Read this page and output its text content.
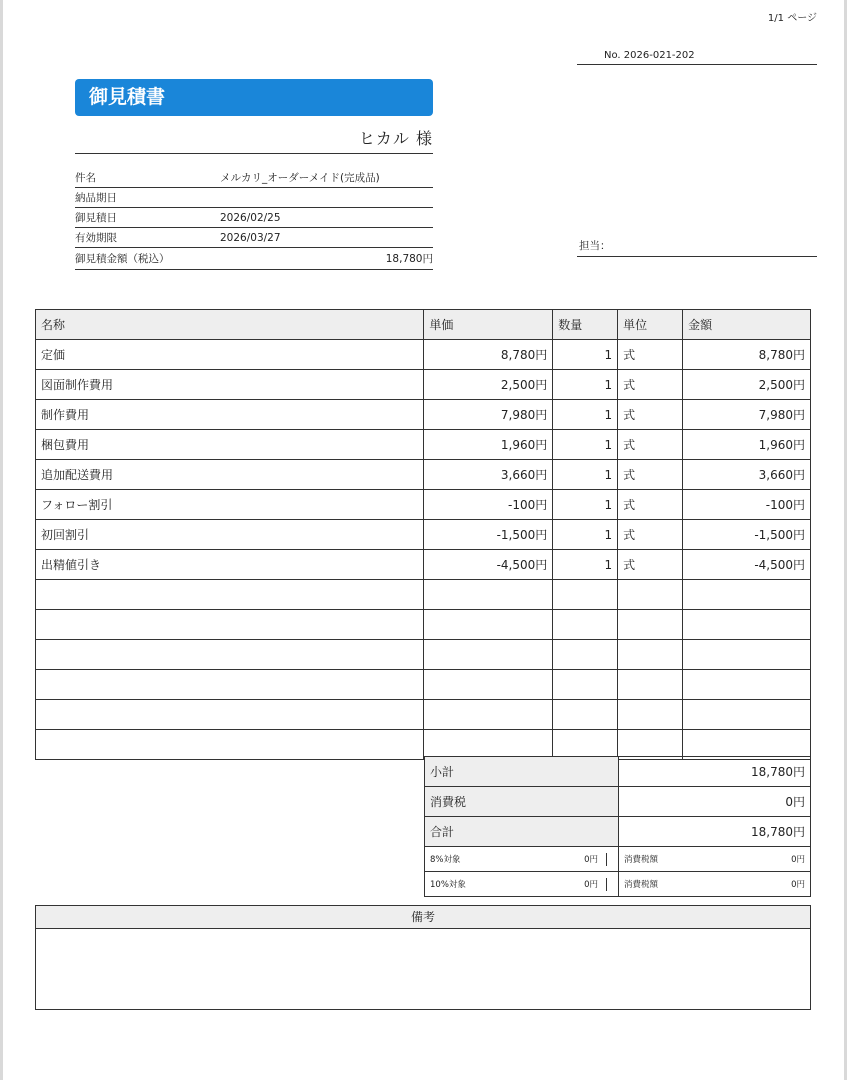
1/1 ページ
No. 2026-021-202
御見積書
ヒカル 様
件名	メルカリ_オーダーメイド(完成品)
納品期日
御見積日	2026/02/25
有効期限	2026/03/27
御見積金額（税込）	18,780円
担当：
名称	単価	数量	単位	金額
定価	8,780円	1	式	8,780円
図面制作費用	2,500円	1	式	2,500円
制作費用	7,980円	1	式	7,980円
梱包費用	1,960円	1	式	1,960円
追加配送費用	3,660円	1	式	3,660円
フォロー割引	-100円	1	式	-100円
初回割引	-1,500円	1	式	-1,500円
出精値引き	-4,500円	1	式	-4,500円

小計	18,780円
消費税	0円
合計	18,780円

8%対象 0円	消費税額 0円

10%対象 0円	消費税額 0円
備考
